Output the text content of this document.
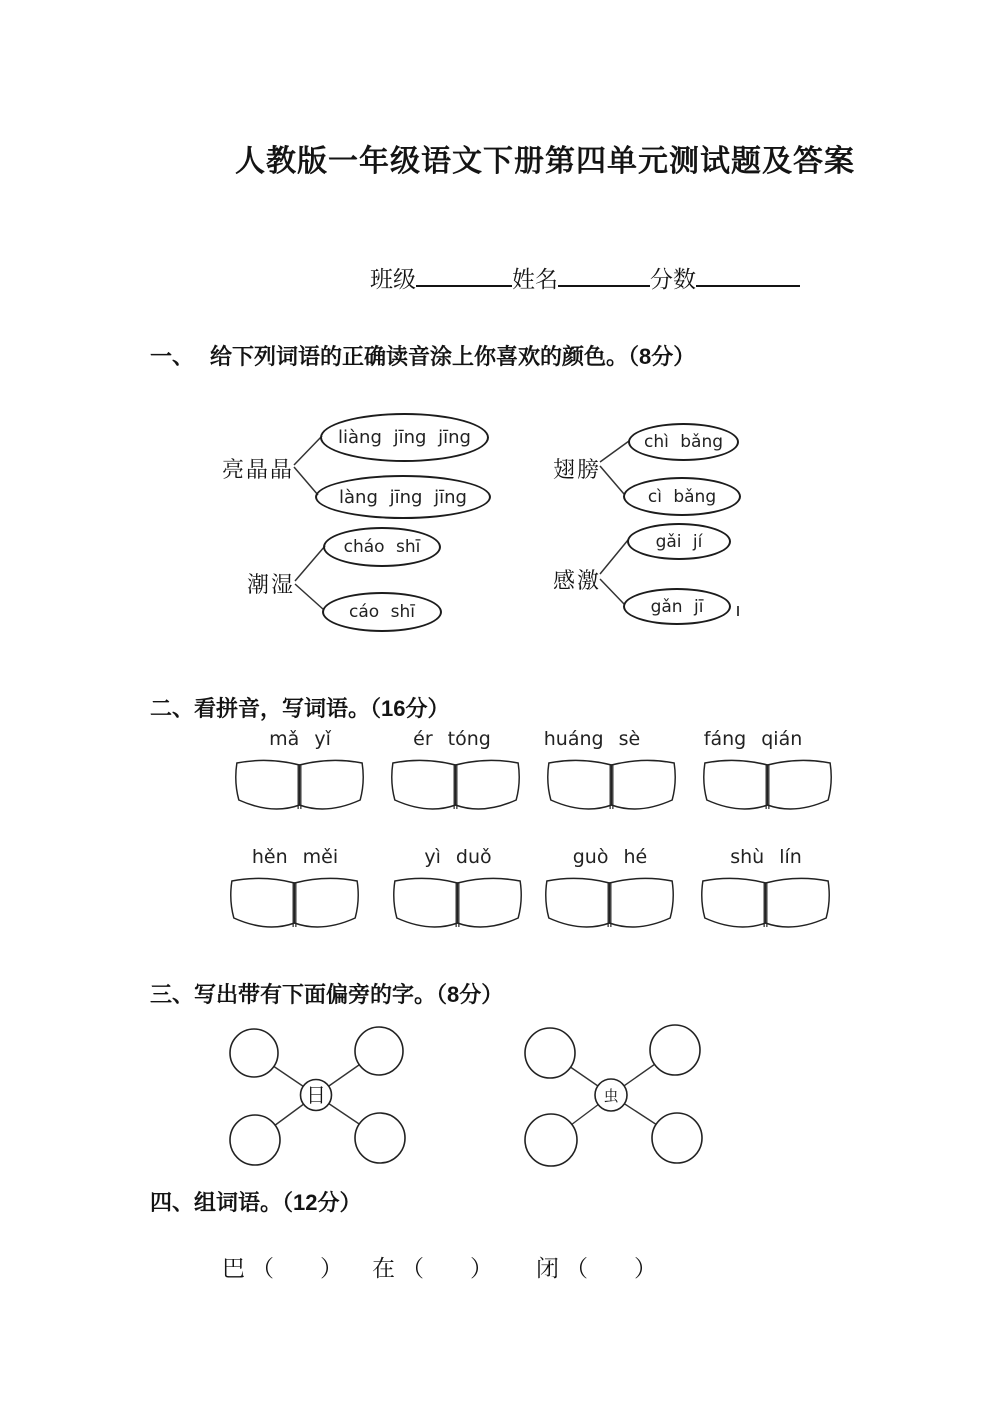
人教版一年级语文下册第四单元测试题及答案
班级	姓名	分数
一、 给下列词语的正确读音涂上你喜欢的颜色。（8分）
亮晶晶	翅膀
潮湿	感激
liàng jīng jīng
làng jīng jīng
chì bǎng
cì bǎng
cháo shī
cáo shī
gǎi jí
gǎn jī
二、看拼音，写词语。（16分）
mǎ yǐ	ér tóng	huáng sè	fáng qián
hěn měi	yì duǒ	guò hé	shù lín
三、写出带有下面偏旁的字。（8分）
日	虫
四、组词语。（12分）
巴 （　　） 在 （　　） 闭 （　　）
